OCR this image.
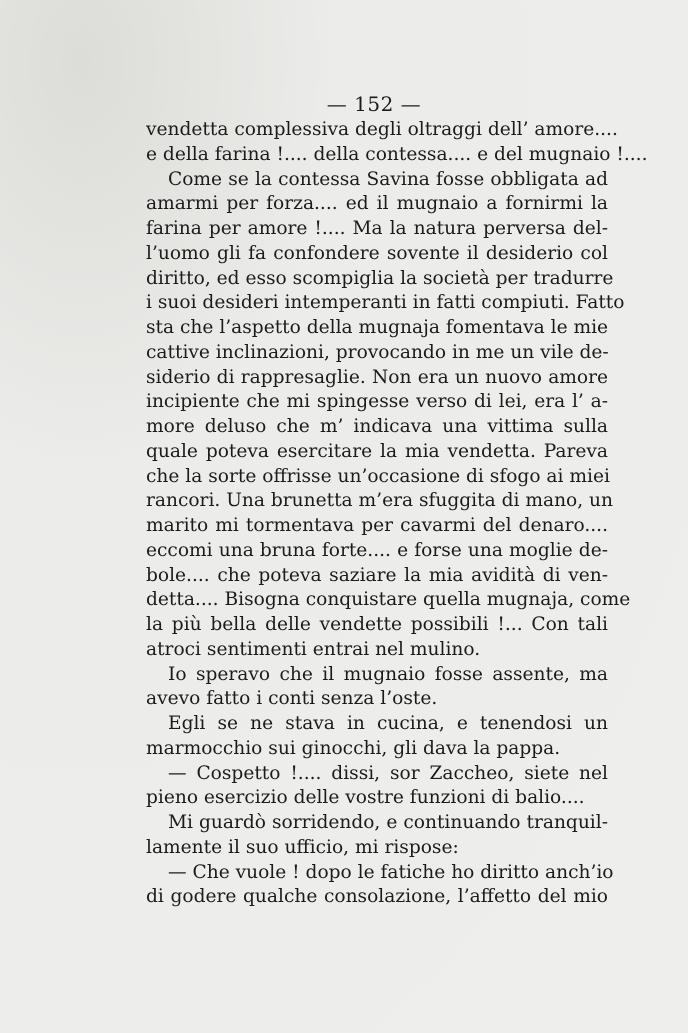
— 152 —
vendetta complessiva degli oltraggi dell’ amore....
e della farina !.... della contessa.... e del mugnaio !....
Come se la contessa Savina fosse obbligata ad
amarmi per forza.... ed il mugnaio a fornirmi la
farina per amore !.... Ma la natura perversa del-
l’uomo gli fa confondere sovente il desiderio col
diritto, ed esso scompiglia la società per tradurre
i suoi desideri intemperanti in fatti compiuti. Fatto
sta che l’aspetto della mugnaja fomentava le mie
cattive inclinazioni, provocando in me un vile de-
siderio di rappresaglie. Non era un nuovo amore
incipiente che mi spingesse verso di lei, era l’ a-
more deluso che m’ indicava una vittima sulla
quale poteva esercitare la mia vendetta. Pareva
che la sorte offrisse un’occasione di sfogo ai miei
rancori. Una brunetta m’era sfuggita di mano, un
marito mi tormentava per cavarmi del denaro....
eccomi una bruna forte.... e forse una moglie de-
bole.... che poteva saziare la mia avidità di ven-
detta.... Bisogna conquistare quella mugnaja, come
la più bella delle vendette possibili !... Con tali
atroci sentimenti entrai nel mulino.
Io speravo che il mugnaio fosse assente, ma
avevo fatto i conti senza l’oste.
Egli se ne stava in cucina, e tenendosi un
marmocchio sui ginocchi, gli dava la pappa.
— Cospetto !.... dissi, sor Zaccheo, siete nel
pieno esercizio delle vostre funzioni di balio....
Mi guardò sorridendo, e continuando tranquil-
lamente il suo ufficio, mi rispose:
— Che vuole ! dopo le fatiche ho diritto anch’io
di godere qualche consolazione, l’affetto del mio
